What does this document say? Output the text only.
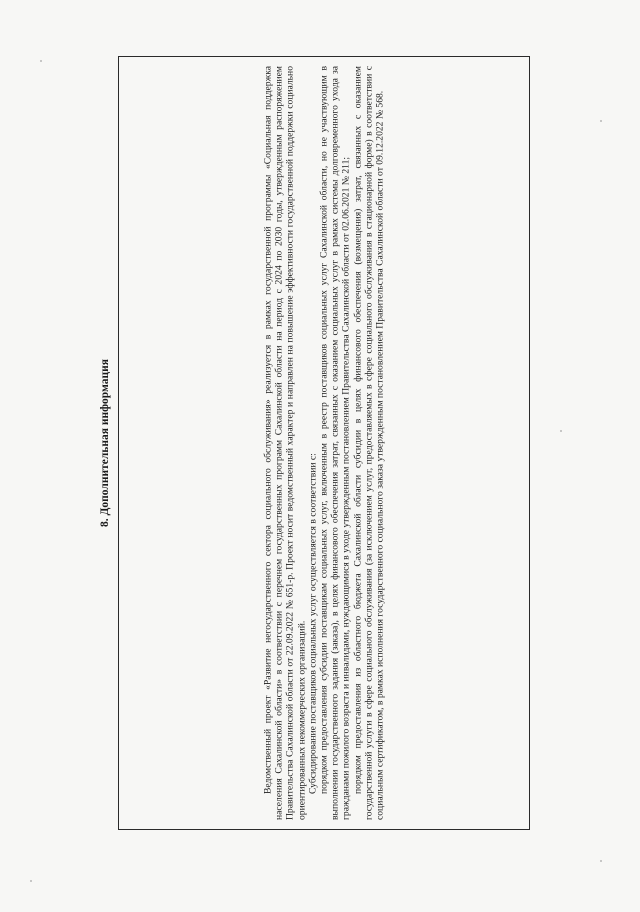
8. Дополнительная информация	Ведомственный проект «Развитие негосударственного сектора социального обслуживания» реализуется в рамках государственной программы «Социальная поддержка населения Сахалинской области» в соответствии с перечнем государственных программ Сахалинской области на период с 2024 по 2030 годы, утвержденным распоряжением Правительства Сахалинской области от 22.09.2022 № 651-р. Проект носит ведомственный характер и направлен на повышение эффективности государственной поддержки социально ориентированных некоммерческих организаций. Субсидирование поставщиков социальных услуг осуществляется в соответствии с: порядком предоставления субсидии поставщикам социальных услуг, включенным в реестр поставщиков социальных услуг Сахалинской области, но не участвующим в выполнении государственного задания (заказа), в целях финансового обеспечения затрат, связанных с оказанием социальных услуг в рамках системы долговременного ухода за гражданами пожилого возраста и инвалидами, нуждающимися в уходе утвержденным постановлением Правительства Сахалинской области от 02.06.2021 № 211; порядком предоставления из областного бюджета Сахалинской области субсидии в целях финансового обеспечения (возмещения) затрат, связанных с оказанием государственной услуги в сфере социального обслуживания (за исключением услуг, предоставляемых в сфере социального обслуживания в стационарной форме) в соответствии с социальным сертификатом, в рамках исполнения государственного социального заказа утвержденным постановлением Правительства Сахалинской области от 09.12.2022 № 568.
